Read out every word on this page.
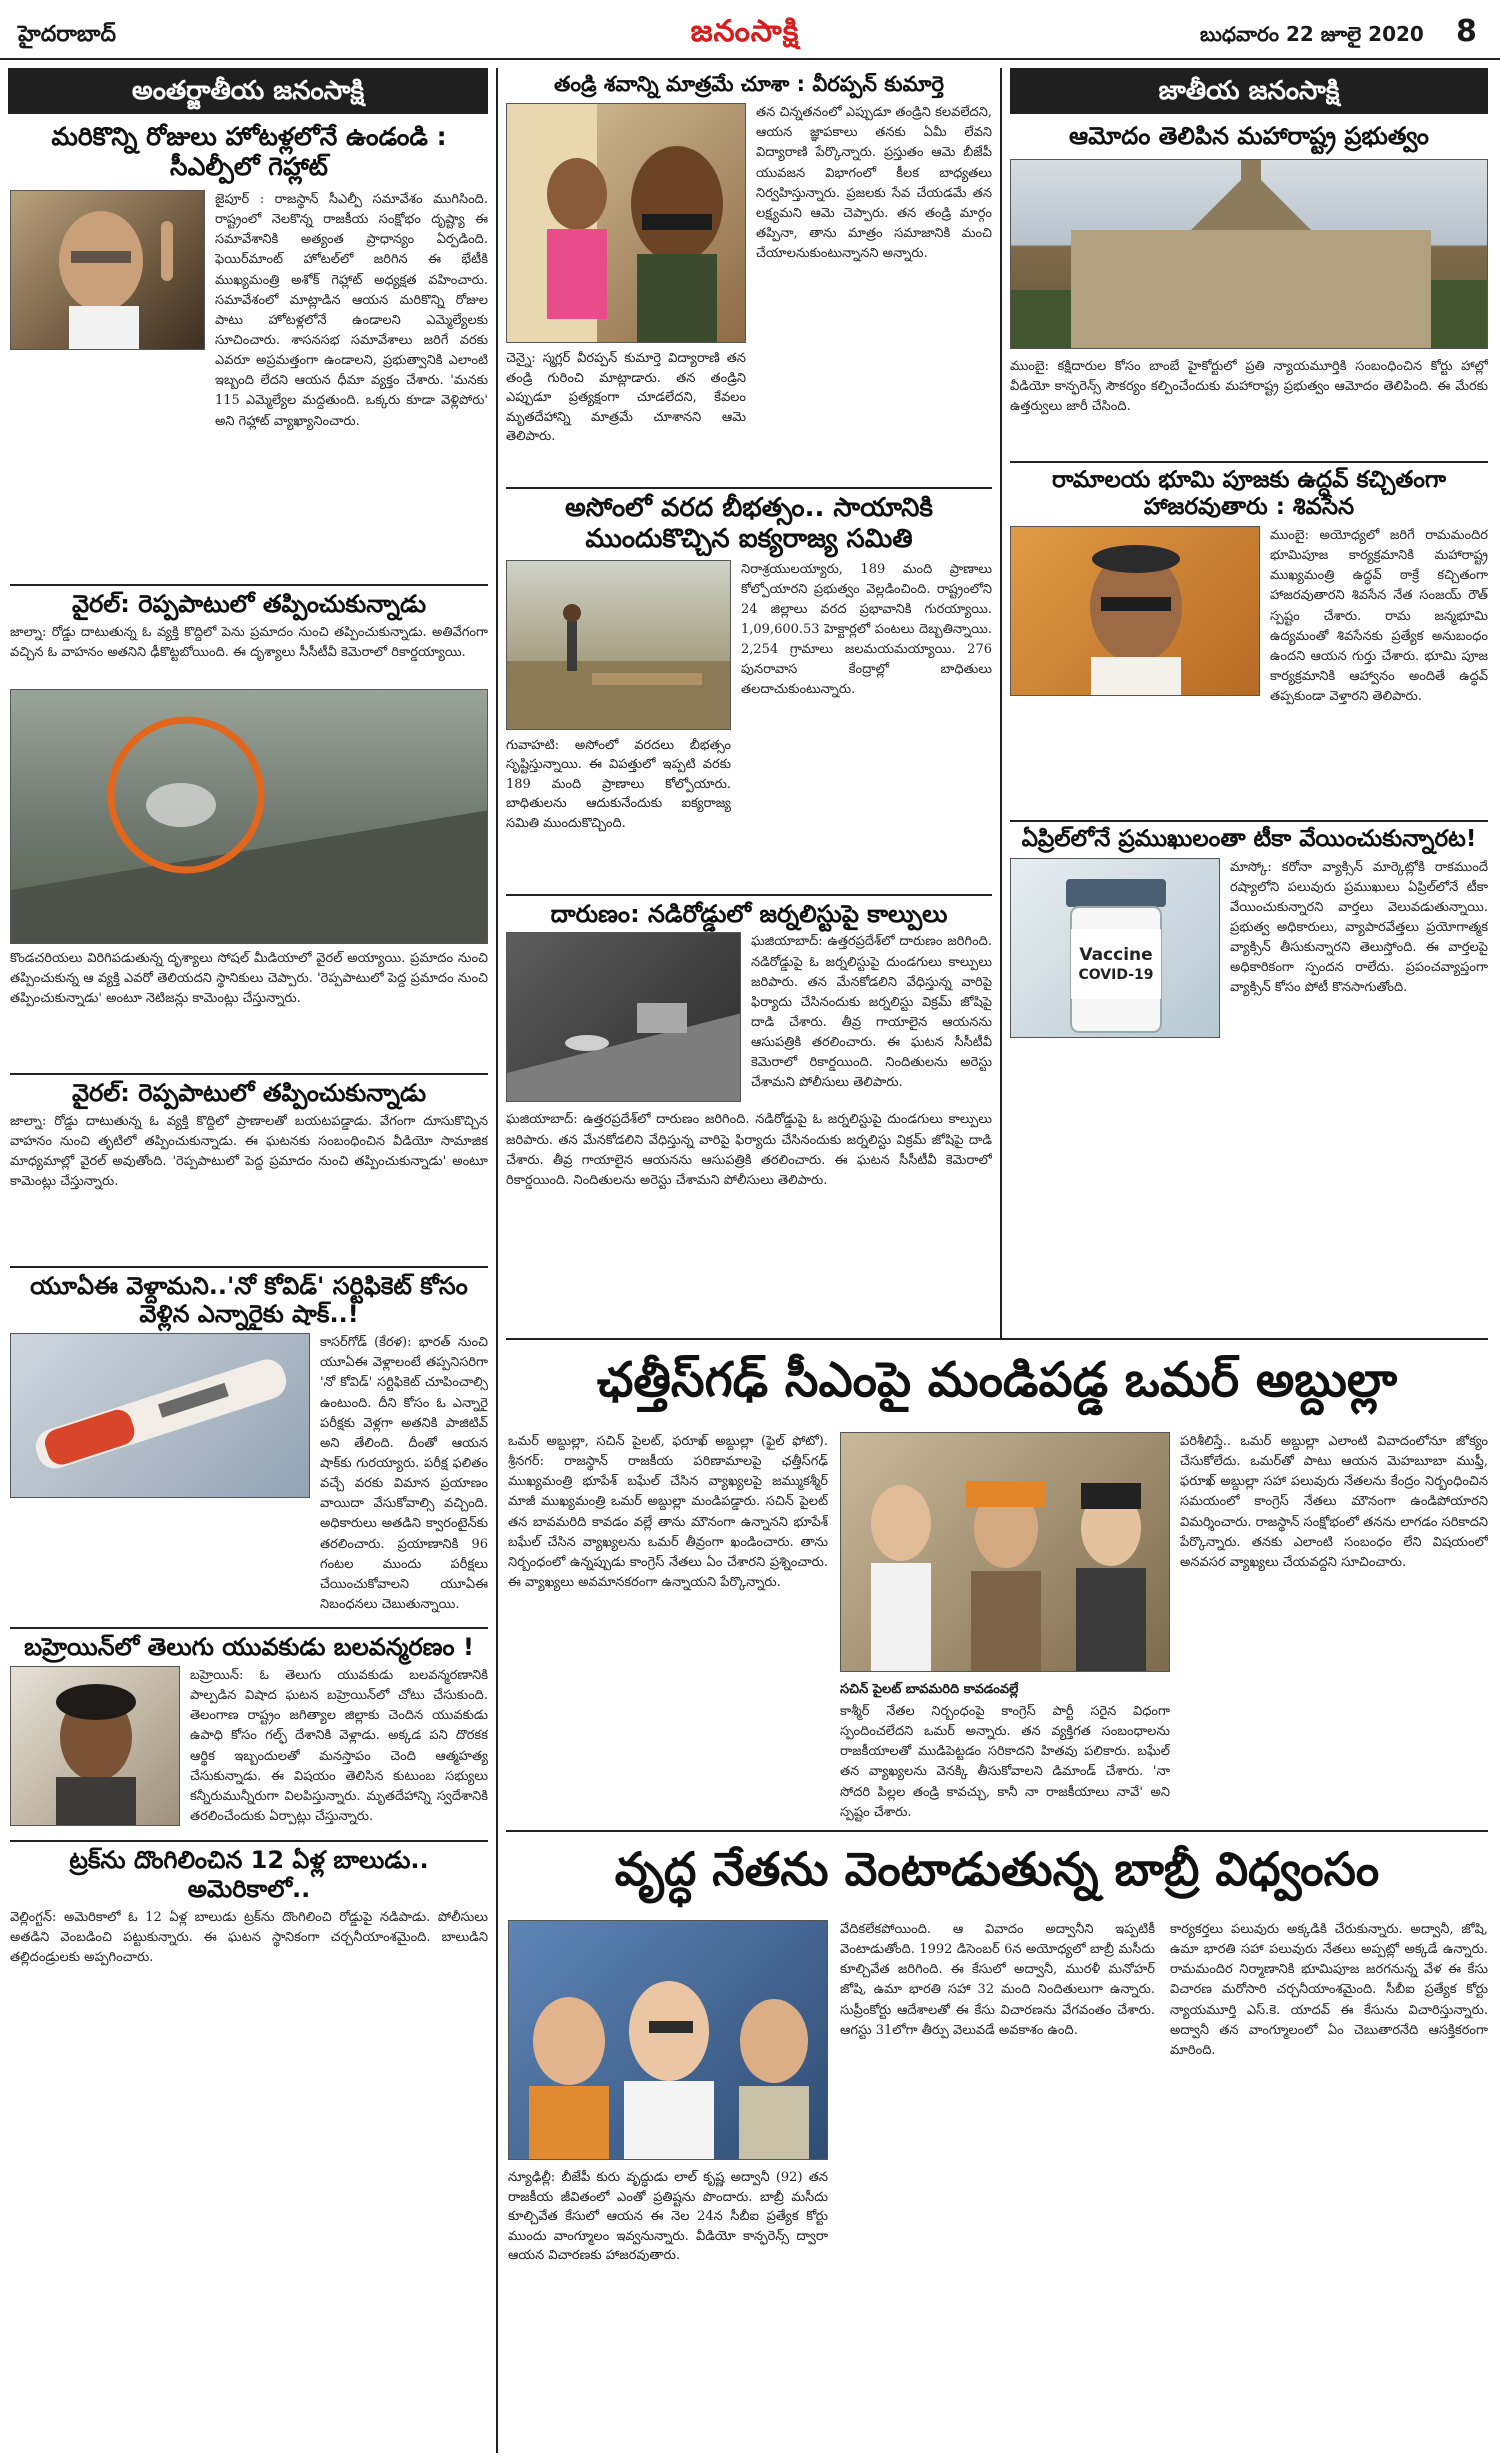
హైదరాబాద్	జనంసాక్షి	బుధవారం 22 జూలై 2020 8
అంతర్జాతీయ జనంసాక్షి	జాతీయ జనంసాక్షి
మరికొన్ని రోజులు హోటళ్లలోనే ఉండండి : సీఎల్పీలో గెహ్లాట్

జైపూర్ : రాజస్థాన్ సీఎల్పీ సమావేశం ముగిసింది. రాష్ట్రంలో నెలకొన్న రాజకీయ సంక్షోభం దృష్ట్యా ఈ సమావేశానికి అత్యంత ప్రాధాన్యం ఏర్పడింది. ఫెయిర్‌మాంట్ హోటల్‌లో జరిగిన ఈ భేటీకి ముఖ్యమంత్రి అశోక్ గెహ్లాట్ అధ్యక్షత వహించారు. సమావేశంలో మాట్లాడిన ఆయన మరికొన్ని రోజుల పాటు హోటళ్లలోనే ఉండాలని ఎమ్మెల్యేలకు సూచించారు. శాసనసభ సమావేశాలు జరిగే వరకు ఎవరూ అప్రమత్తంగా ఉండాలని, ప్రభుత్వానికి ఎలాంటి ఇబ్బంది లేదని ఆయన ధీమా వ్యక్తం చేశారు. 'మనకు 115 ఎమ్మెల్యేల మద్దతుంది. ఒక్కరు కూడా వెళ్లిపోరు' అని గెహ్లాట్ వ్యాఖ్యానించారు.

వైరల్: రెప్పపాటులో తప్పించుకున్నాడు

జాల్నా: రోడ్డు దాటుతున్న ఓ వ్యక్తి కొద్దిలో పెను ప్రమాదం నుంచి తప్పించుకున్నాడు. అతివేగంగా వచ్చిన ఓ వాహనం అతనిని ఢీకొట్టబోయింది. ఈ దృశ్యాలు సీసీటీవీ కెమెరాలో రికార్డయ్యాయి.

కొండచరియలు విరిగిపడుతున్న దృశ్యాలు సోషల్ మీడియాలో వైరల్ అయ్యాయి. ప్రమాదం నుంచి తప్పించుకున్న ఆ వ్యక్తి ఎవరో తెలియదని స్థానికులు చెప్పారు. 'రెప్పపాటులో పెద్ద ప్రమాదం నుంచి తప్పించుకున్నాడు' అంటూ నెటిజన్లు కామెంట్లు చేస్తున్నారు.

వైరల్: రెప్పపాటులో తప్పించుకున్నాడు

జాల్నా: రోడ్డు దాటుతున్న ఓ వ్యక్తి కొద్దిలో ప్రాణాలతో బయటపడ్డాడు. వేగంగా దూసుకొచ్చిన వాహనం నుంచి తృటిలో తప్పించుకున్నాడు. ఈ ఘటనకు సంబంధించిన వీడియో సామాజిక మాధ్యమాల్లో వైరల్ అవుతోంది. 'రెప్పపాటులో పెద్ద ప్రమాదం నుంచి తప్పించుకున్నాడు' అంటూ కామెంట్లు చేస్తున్నారు.

యూఏఈ వెళ్దామని..'నో కోవిడ్' సర్టిఫికెట్ కోసం వెళ్లిన ఎన్నారైకు షాక్..!

కాసర్‌గోడ్ (కేరళ): భారత్ నుంచి యూఏఈ వెళ్లాలంటే తప్పనిసరిగా 'నో కోవిడ్' సర్టిఫికెట్ చూపించాల్సి ఉంటుంది. దీని కోసం ఓ ఎన్నారై పరీక్షకు వెళ్లగా అతనికి పాజిటివ్ అని తేలింది. దీంతో ఆయన షాక్‌కు గురయ్యారు. పరీక్ష ఫలితం వచ్చే వరకు విమాన ప్రయాణం వాయిదా వేసుకోవాల్సి వచ్చింది. అధికారులు అతడిని క్వారంటైన్‌కు తరలించారు. ప్రయాణానికి 96 గంటల ముందు పరీక్షలు చేయించుకోవాలని యూఏఈ నిబంధనలు చెబుతున్నాయి.

బహ్రెయిన్‌లో తెలుగు యువకుడు బలవన్మరణం !

బహ్రెయిన్: ఓ తెలుగు యువకుడు బలవన్మరణానికి పాల్పడిన విషాద ఘటన బహ్రెయిన్‌లో చోటు చేసుకుంది. తెలంగాణ రాష్ట్రం జగిత్యాల జిల్లాకు చెందిన యువకుడు ఉపాధి కోసం గల్ఫ్ దేశానికి వెళ్లాడు. అక్కడ పని దొరకక ఆర్థిక ఇబ్బందులతో మనస్తాపం చెంది ఆత్మహత్య చేసుకున్నాడు. ఈ విషయం తెలిసిన కుటుంబ సభ్యులు కన్నీరుమున్నీరుగా విలపిస్తున్నారు. మృతదేహాన్ని స్వదేశానికి తరలించేందుకు ఏర్పాట్లు చేస్తున్నారు.

ట్రక్‌ను దొంగిలించిన 12 ఏళ్ల బాలుడు.. అమెరికాలో..

వెల్లింగ్టన్: అమెరికాలో ఓ 12 ఏళ్ల బాలుడు ట్రక్‌ను దొంగిలించి రోడ్డుపై నడిపాడు. పోలీసులు అతడిని వెంబడించి పట్టుకున్నారు. ఈ ఘటన స్థానికంగా చర్చనీయాంశమైంది. బాలుడిని తల్లిదండ్రులకు అప్పగించారు.

తండ్రి శవాన్ని మాత్రమే చూశా : వీరప్పన్ కుమార్తె

చెన్నై: స్మగ్లర్ వీరప్పన్ కుమార్తె విద్యారాణి తన తండ్రి గురించి మాట్లాడారు. తన తండ్రిని ఎప్పుడూ ప్రత్యక్షంగా చూడలేదని, కేవలం మృతదేహాన్ని మాత్రమే చూశానని ఆమె తెలిపారు.

తన చిన్నతనంలో ఎప్పుడూ తండ్రిని కలవలేదని, ఆయన జ్ఞాపకాలు తనకు ఏమీ లేవని విద్యారాణి పేర్కొన్నారు. ప్రస్తుతం ఆమె బీజేపీ యువజన విభాగంలో కీలక బాధ్యతలు నిర్వహిస్తున్నారు. ప్రజలకు సేవ చేయడమే తన లక్ష్యమని ఆమె చెప్పారు. తన తండ్రి మార్గం తప్పినా, తాను మాత్రం సమాజానికి మంచి చేయాలనుకుంటున్నానని అన్నారు.

అసోంలో వరద బీభత్సం.. సాయానికి ముందుకొచ్చిన ఐక్యరాజ్య సమితి

గువాహటి: అసోంలో వరదలు బీభత్సం సృష్టిస్తున్నాయి. ఈ విపత్తులో ఇప్పటి వరకు 189 మంది ప్రాణాలు కోల్పోయారు. బాధితులను ఆదుకునేందుకు ఐక్యరాజ్య సమితి ముందుకొచ్చింది.

నిరాశ్రయులయ్యారు, 189 మంది ప్రాణాలు కోల్పోయారని ప్రభుత్వం వెల్లడించింది. రాష్ట్రంలోని 24 జిల్లాలు వరద ప్రభావానికి గురయ్యాయి. 1,09,600.53 హెక్టార్లలో పంటలు దెబ్బతిన్నాయి. 2,254 గ్రామాలు జలమయమయ్యాయి. 276 పునరావాస కేంద్రాల్లో బాధితులు తలదాచుకుంటున్నారు.

దారుణం: నడిరోడ్డులో జర్నలిస్టుపై కాల్పులు

ఘజియాబాద్: ఉత్తరప్రదేశ్‌లో దారుణం జరిగింది. నడిరోడ్డుపై ఓ జర్నలిస్టుపై దుండగులు కాల్పులు జరిపారు. తన మేనకోడలిని వేధిస్తున్న వారిపై ఫిర్యాదు చేసినందుకు జర్నలిస్టు విక్రమ్ జోషిపై దాడి చేశారు. తీవ్ర గాయాలైన ఆయనను ఆసుపత్రికి తరలించారు. ఈ ఘటన సీసీటీవీ కెమెరాలో రికార్డయింది. నిందితులను అరెస్టు చేశామని పోలీసులు తెలిపారు.

ఘజియాబాద్: ఉత్తరప్రదేశ్‌లో దారుణం జరిగింది. నడిరోడ్డుపై ఓ జర్నలిస్టుపై దుండగులు కాల్పులు జరిపారు. తన మేనకోడలిని వేధిస్తున్న వారిపై ఫిర్యాదు చేసినందుకు జర్నలిస్టు విక్రమ్ జోషిపై దాడి చేశారు. తీవ్ర గాయాలైన ఆయనను ఆసుపత్రికి తరలించారు. ఈ ఘటన సీసీటీవీ కెమెరాలో రికార్డయింది. నిందితులను అరెస్టు చేశామని పోలీసులు తెలిపారు.

ఆమోదం తెలిపిన మహారాష్ట్ర ప్రభుత్వం

ముంబై: కక్షిదారుల కోసం బాంబే హైకోర్టులో ప్రతి న్యాయమూర్తికి సంబంధించిన కోర్టు హాల్లో వీడియో కాన్ఫరెన్స్ సౌకర్యం కల్పించేందుకు మహారాష్ట్ర ప్రభుత్వం ఆమోదం తెలిపింది. ఈ మేరకు ఉత్తర్వులు జారీ చేసింది.

రామాలయ భూమి పూజకు ఉద్ధవ్ కచ్చితంగా హాజరవుతారు : శివసేన

ముంబై: అయోధ్యలో జరిగే రామమందిర భూమిపూజ కార్యక్రమానికి మహారాష్ట్ర ముఖ్యమంత్రి ఉద్ధవ్ ఠాక్రే కచ్చితంగా హాజరవుతారని శివసేన నేత సంజయ్ రౌత్ స్పష్టం చేశారు. రామ జన్మభూమి ఉద్యమంతో శివసేనకు ప్రత్యేక అనుబంధం ఉందని ఆయన గుర్తు చేశారు. భూమి పూజ కార్యక్రమానికి ఆహ్వానం అందితే ఉద్ధవ్ తప్పకుండా వెళ్తారని తెలిపారు.

ఏప్రిల్‌లోనే ప్రముఖులంతా టీకా వేయించుకున్నారట!
Vaccine
COVID-19

మాస్కో: కరోనా వ్యాక్సిన్ మార్కెట్లోకి రాకముందే రష్యాలోని పలువురు ప్రముఖులు ఏప్రిల్‌లోనే టీకా వేయించుకున్నారని వార్తలు వెలువడుతున్నాయి. ప్రభుత్వ అధికారులు, వ్యాపారవేత్తలు ప్రయోగాత్మక వ్యాక్సిన్ తీసుకున్నారని తెలుస్తోంది. ఈ వార్తలపై అధికారికంగా స్పందన రాలేదు. ప్రపంచవ్యాప్తంగా వ్యాక్సిన్ కోసం పోటీ కొనసాగుతోంది.

ఛత్తీస్‌గఢ్ సీఎంపై మండిపడ్డ ఒమర్ అబ్దుల్లా

ఒమర్ అబ్దుల్లా, సచిన్ పైలట్, ఫరూఖ్ అబ్దుల్లా (ఫైల్ ఫోటో). శ్రీనగర్: రాజస్థాన్ రాజకీయ పరిణామాలపై ఛత్తీస్‌గఢ్ ముఖ్యమంత్రి భూపేశ్ బఘేల్ చేసిన వ్యాఖ్యలపై జమ్ముకశ్మీర్ మాజీ ముఖ్యమంత్రి ఒమర్ అబ్దుల్లా మండిపడ్డారు. సచిన్ పైలట్ తన బావమరిది కావడం వల్లే తాను మౌనంగా ఉన్నానని భూపేశ్ బఘేల్ చేసిన వ్యాఖ్యలను ఒమర్ తీవ్రంగా ఖండించారు. తాను నిర్బంధంలో ఉన్నప్పుడు కాంగ్రెస్ నేతలు ఏం చేశారని ప్రశ్నించారు. ఈ వ్యాఖ్యలు అవమానకరంగా ఉన్నాయని పేర్కొన్నారు.

సచిన్ పైలట్ బావమరిది కావడంవల్లే

కాశ్మీర్ నేతల నిర్బంధంపై కాంగ్రెస్ పార్టీ సరైన విధంగా స్పందించలేదని ఒమర్ అన్నారు. తన వ్యక్తిగత సంబంధాలను రాజకీయాలతో ముడిపెట్టడం సరికాదని హితవు పలికారు. బఘేల్ తన వ్యాఖ్యలను వెనక్కి తీసుకోవాలని డిమాండ్ చేశారు. 'నా సోదరి పిల్లల తండ్రి కావచ్చు, కానీ నా రాజకీయాలు నావే' అని స్పష్టం చేశారు.

పరిశీలిస్తే.. ఒమర్ అబ్దుల్లా ఎలాంటి వివాదంలోనూ జోక్యం చేసుకోలేదు. ఒమర్‌తో పాటు ఆయన మెహబూబా ముఫ్తీ, ఫరూఖ్ అబ్దుల్లా సహా పలువురు నేతలను కేంద్రం నిర్బంధించిన సమయంలో కాంగ్రెస్ నేతలు మౌనంగా ఉండిపోయారని విమర్శించారు. రాజస్థాన్ సంక్షోభంలో తనను లాగడం సరికాదని పేర్కొన్నారు. తనకు ఎలాంటి సంబంధం లేని విషయంలో అనవసర వ్యాఖ్యలు చేయవద్దని సూచించారు.

వృద్ధ నేతను వెంటాడుతున్న బాబ్రీ విధ్వంసం

న్యూఢిల్లీ: బీజేపీ కురు వృద్ధుడు లాల్ కృష్ణ అద్వానీ (92) తన రాజకీయ జీవితంలో ఎంతో ప్రతిష్టను పొందారు. బాబ్రీ మసీదు కూల్చివేత కేసులో ఆయన ఈ నెల 24న సీబీఐ ప్రత్యేక కోర్టు ముందు వాంగ్మూలం ఇవ్వనున్నారు. వీడియో కాన్ఫరెన్స్ ద్వారా ఆయన విచారణకు హాజరవుతారు.

వేదికలేకపోయింది. ఆ వివాదం అద్వానీని ఇప్పటికీ వెంటాడుతోంది. 1992 డిసెంబర్ 6న అయోధ్యలో బాబ్రీ మసీదు కూల్చివేత జరిగింది. ఈ కేసులో అద్వానీ, మురళీ మనోహర్ జోషి, ఉమా భారతి సహా 32 మంది నిందితులుగా ఉన్నారు. సుప్రీంకోర్టు ఆదేశాలతో ఈ కేసు విచారణను వేగవంతం చేశారు. ఆగస్టు 31లోగా తీర్పు వెలువడే అవకాశం ఉంది.

కార్యకర్తలు పలువురు అక్కడికి చేరుకున్నారు. అద్వానీ, జోషి, ఉమా భారతి సహా పలువురు నేతలు అప్పట్లో అక్కడే ఉన్నారు. రామమందిర నిర్మాణానికి భూమిపూజ జరగనున్న వేళ ఈ కేసు విచారణ మరోసారి చర్చనీయాంశమైంది. సీబీఐ ప్రత్యేక కోర్టు న్యాయమూర్తి ఎస్.కె. యాదవ్ ఈ కేసును విచారిస్తున్నారు. అద్వానీ తన వాంగ్మూలంలో ఏం చెబుతారనేది ఆసక్తికరంగా మారింది.
